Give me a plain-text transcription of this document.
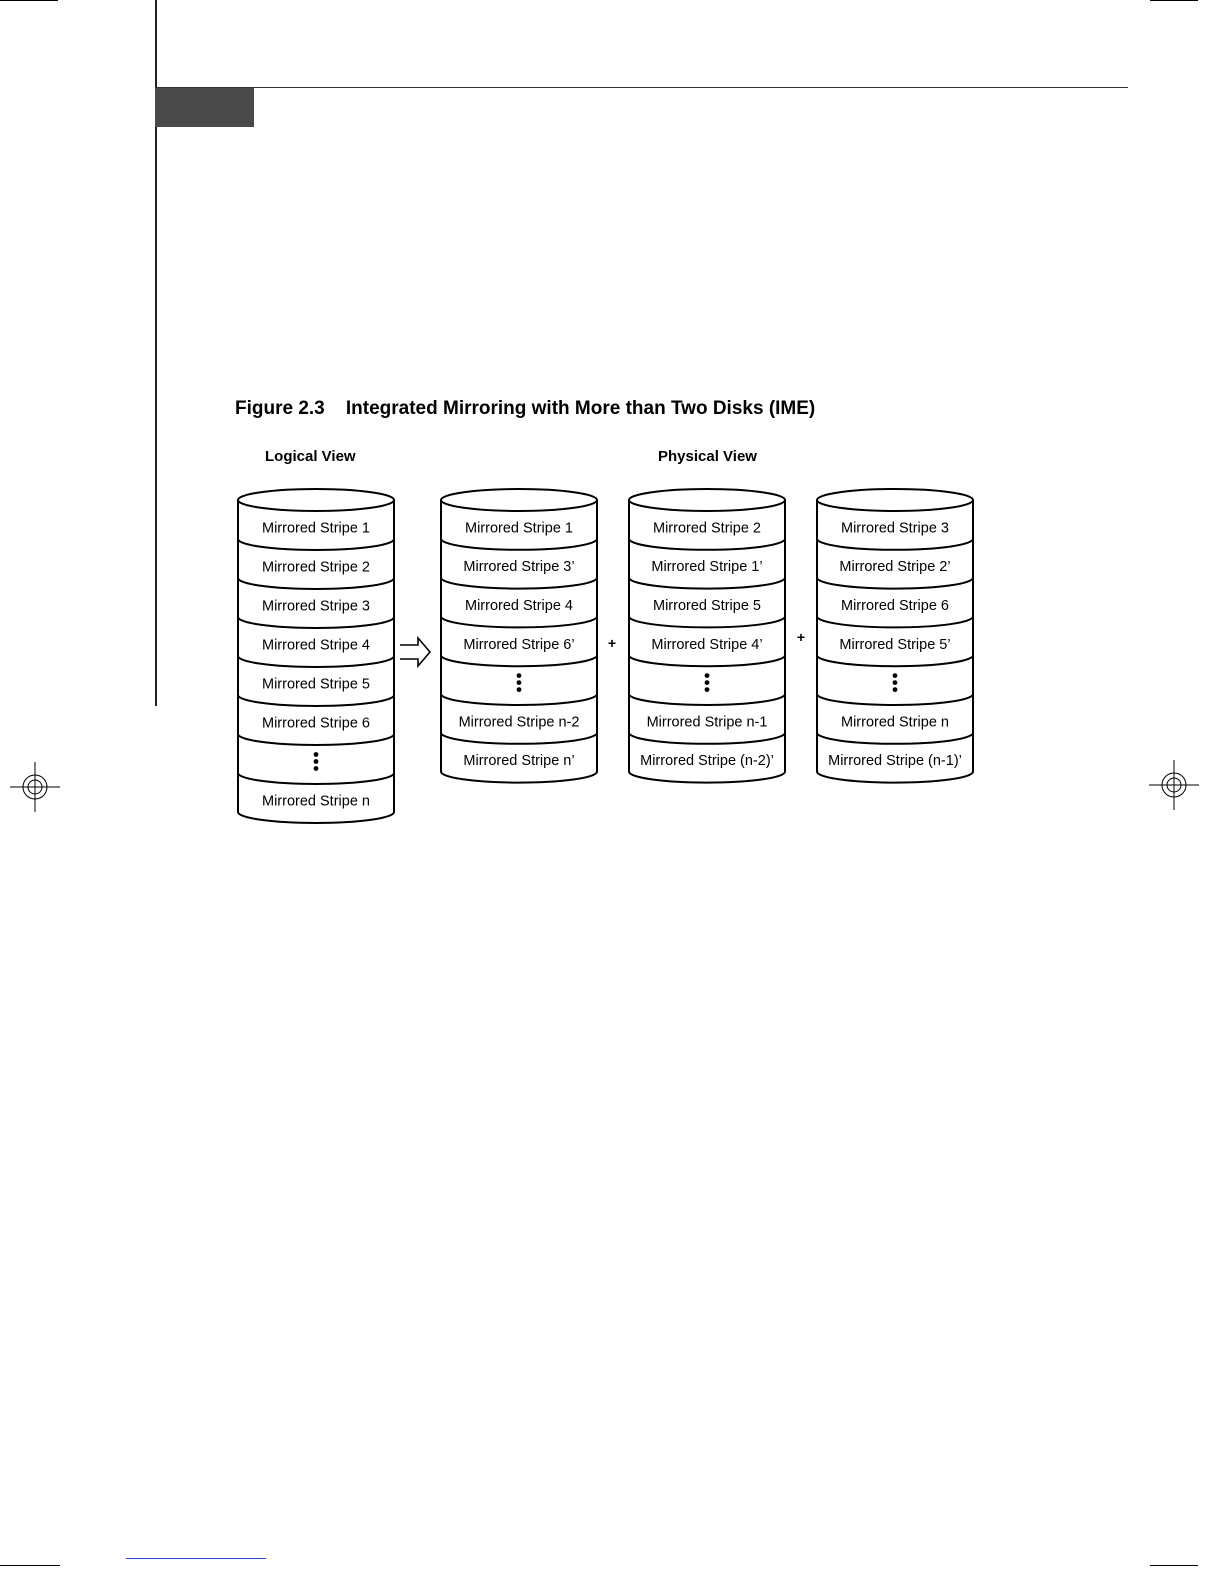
Figure 2.3    Integrated Mirroring with More than Two Disks (IME)
Logical View	Physical View
Mirrored Stripe 1
Mirrored Stripe 2
Mirrored Stripe 3
Mirrored Stripe 4
Mirrored Stripe 5
Mirrored Stripe 6
Mirrored Stripe n
Mirrored Stripe 1
Mirrored Stripe 3’
Mirrored Stripe 4
Mirrored Stripe 6’
Mirrored Stripe n-2
Mirrored Stripe n’
Mirrored Stripe 2
Mirrored Stripe 1’
Mirrored Stripe 5
Mirrored Stripe 4’
Mirrored Stripe n-1
Mirrored Stripe (n-2)’
Mirrored Stripe 3
Mirrored Stripe 2’
Mirrored Stripe 6
Mirrored Stripe 5’
Mirrored Stripe n
Mirrored Stripe (n-1)’
+	+
